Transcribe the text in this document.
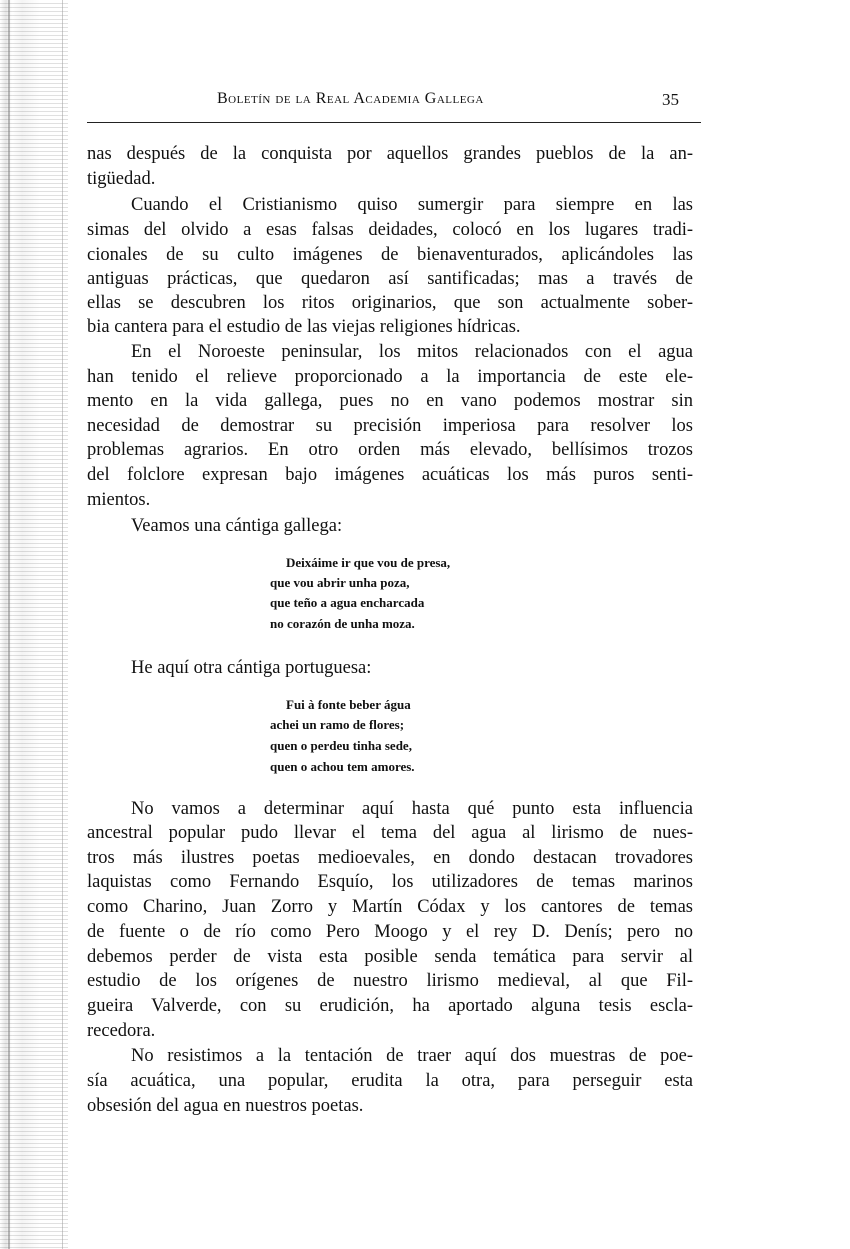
Boletín de la Real Academia Gallega	35
nas después de la conquista por aquellos grandes pueblos de la an-
tigüedad.
Cuando el Cristianismo quiso sumergir para siempre en las
simas del olvido a esas falsas deidades, colocó en los lugares tradi-
cionales de su culto imágenes de bienaventurados, aplicándoles las
antiguas prácticas, que quedaron así santificadas; mas a través de
ellas se descubren los ritos originarios, que son actualmente sober-
bia cantera para el estudio de las viejas religiones hídricas.
En el Noroeste peninsular, los mitos relacionados con el agua
han tenido el relieve proporcionado a la importancia de este ele-
mento en la vida gallega, pues no en vano podemos mostrar sin
necesidad de demostrar su precisión imperiosa para resolver los
problemas agrarios. En otro orden más elevado, bellísimos trozos
del folclore expresan bajo imágenes acuáticas los más puros senti-
mientos.
Veamos una cántiga gallega:
Deixáime ir que vou de presa,
que vou abrir unha poza,
que teño a agua encharcada
no corazón de unha moza.
He aquí otra cántiga portuguesa:
Fui à fonte beber água
achei un ramo de flores;
quen o perdeu tinha sede,
quen o achou tem amores.
No vamos a determinar aquí hasta qué punto esta influencia
ancestral popular pudo llevar el tema del agua al lirismo de nues-
tros más ilustres poetas medioevales, en dondo destacan trovadores
laquistas como Fernando Esquío, los utilizadores de temas marinos
como Charino, Juan Zorro y Martín Códax y los cantores de temas
de fuente o de río como Pero Moogo y el rey D. Denís; pero no
debemos perder de vista esta posible senda temática para servir al
estudio de los orígenes de nuestro lirismo medieval, al que Fil-
gueira Valverde, con su erudición, ha aportado alguna tesis escla-
recedora.
No resistimos a la tentación de traer aquí dos muestras de poe-
sía acuática, una popular, erudita la otra, para perseguir esta
obsesión del agua en nuestros poetas.
